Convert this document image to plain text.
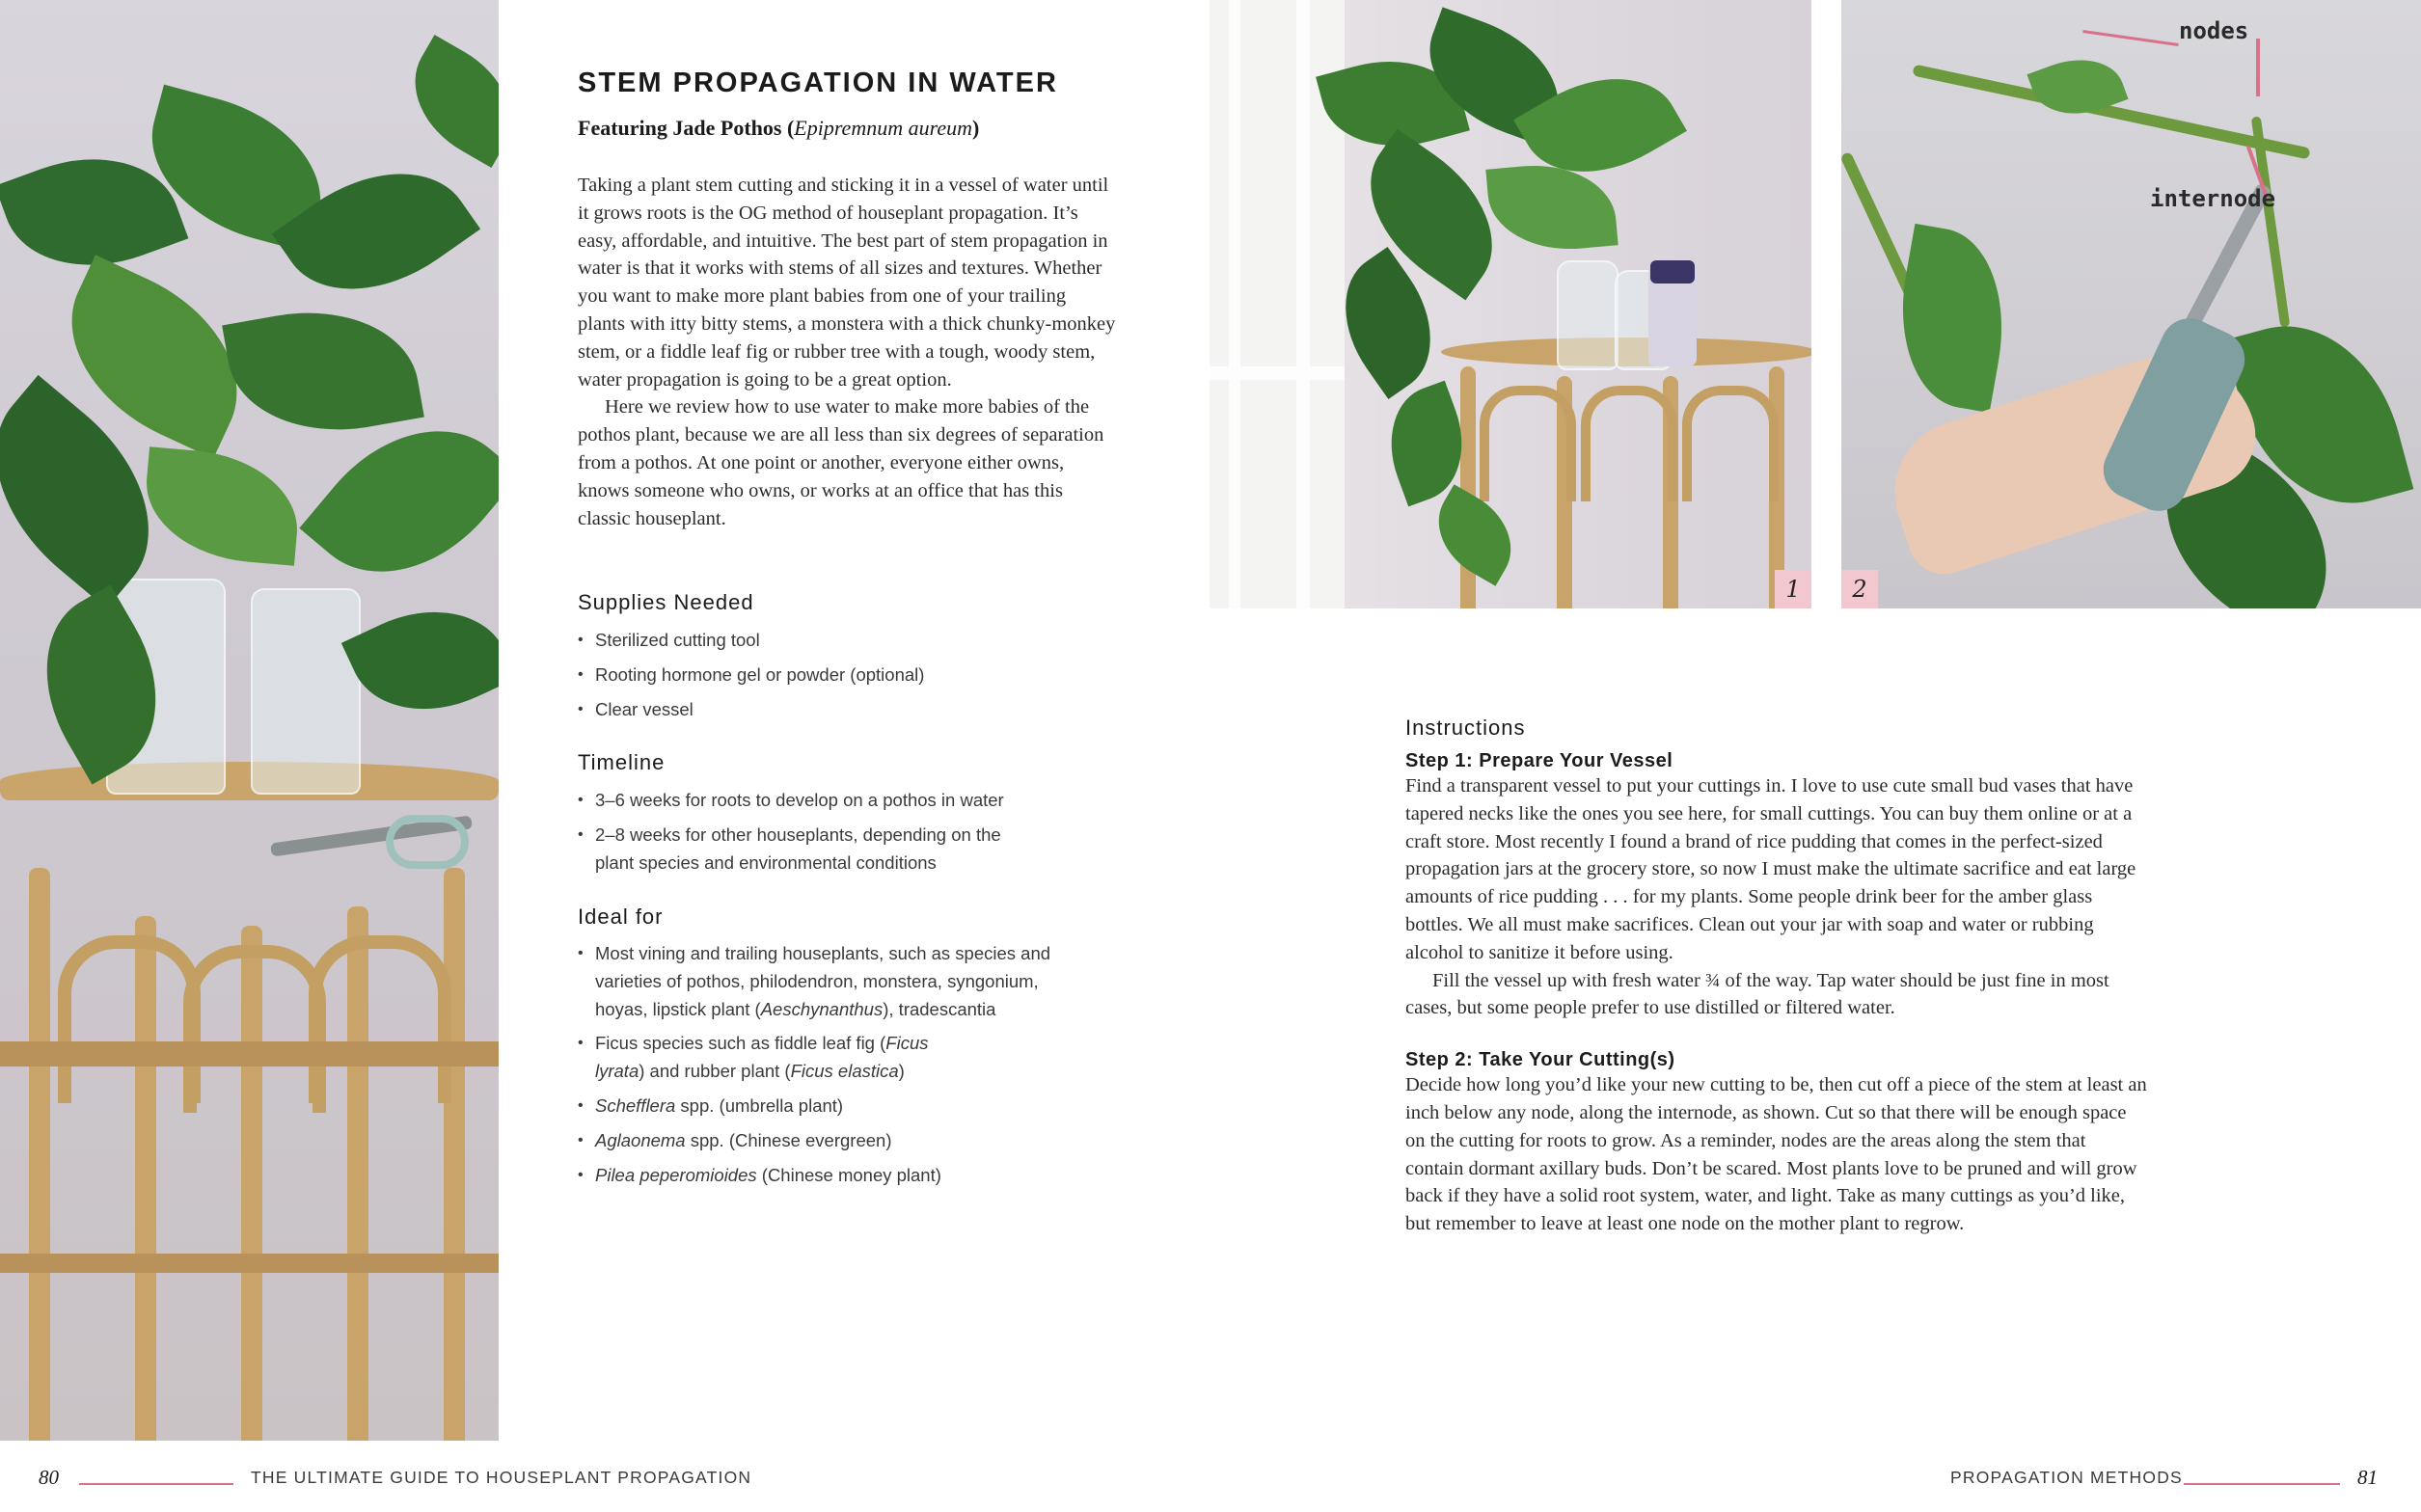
1
nodes
internode
2
STEM PROPAGATION IN WATER
Featuring Jade Pothos (Epipremnum aureum)

Taking a plant stem cutting and sticking it in a vessel of water until it grows roots is the OG method of houseplant propagation. It’s easy, affordable, and intuitive. The best part of stem propagation in water is that it works with stems of all sizes and textures. Whether you want to make more plant babies from one of your trailing plants with itty bitty stems, a monstera with a thick chunky-monkey stem, or a fiddle leaf fig or rubber tree with a tough, woody stem, water propagation is going to be a great option.

Here we review how to use water to make more babies of the pothos plant, because we are all less than six degrees of separation from a pothos. At one point or another, everyone either owns, knows someone who owns, or works at an office that has this classic houseplant.

Supplies Needed
• Sterilized cutting tool
• Rooting hormone gel or powder (optional)
• Clear vessel
Timeline
• 3–6 weeks for roots to develop on a pothos in water
• 2–8 weeks for other houseplants, depending on the plant species and environmental conditions
Ideal for
• Most vining and trailing houseplants, such as species and varieties of pothos, philodendron, monstera, syngonium, hoyas, lipstick plant (Aeschynanthus), tradescantia
• Ficus species such as fiddle leaf fig (Ficus lyrata) and rubber plant (Ficus elastica)
• Schefflera spp. (umbrella plant)
• Aglaonema spp. (Chinese evergreen)
• Pilea peperomioides (Chinese money plant)
Instructions

Step 1: Prepare Your Vessel

Find a transparent vessel to put your cuttings in. I love to use cute small bud vases that have tapered necks like the ones you see here, for small cuttings. You can buy them online or at a craft store. Most recently I found a brand of rice pudding that comes in the perfect-sized propagation jars at the grocery store, so now I must make the ultimate sacrifice and eat large amounts of rice pudding . . . for my plants. Some people drink beer for the amber glass bottles. We all must make sacrifices. Clean out your jar with soap and water or rubbing alcohol to sanitize it before using.

Fill the vessel up with fresh water ¾ of the way. Tap water should be just fine in most cases, but some people prefer to use distilled or filtered water.

Step 2: Take Your Cutting(s)

Decide how long you’d like your new cutting to be, then cut off a piece of the stem at least an inch below any node, along the internode, as shown. Cut so that there will be enough space on the cutting for roots to grow. As a reminder, nodes are the areas along the stem that contain dormant axillary buds. Don’t be scared. Most plants love to be pruned and will grow back if they have a solid root system, water, and light. Take as many cuttings as you’d like, but remember to leave at least one node on the mother plant to regrow.

80	THE ULTIMATE GUIDE TO HOUSEPLANT PROPAGATION	PROPAGATION METHODS	81
